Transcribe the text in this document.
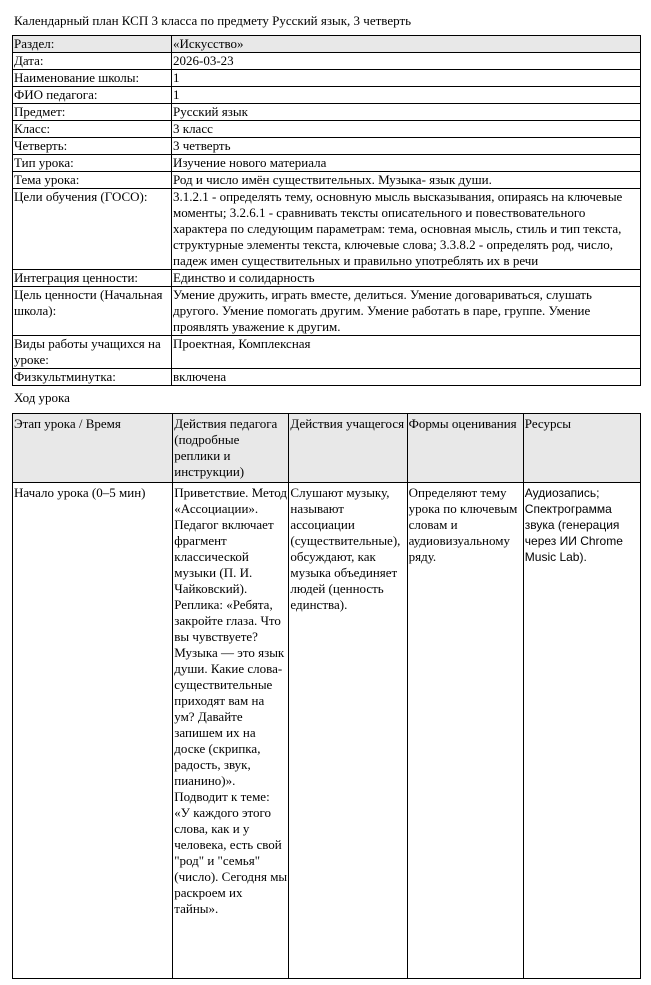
Календарный план КСП 3 класса по предмету Русский язык, 3 четверть
Раздел:	«Искусство»
Дата:	2026-03-23
Наименование школы:	1
ФИО педагога:	1
Предмет:	Русский язык
Класс:	3 класс
Четверть:	3 четверть
Тип урока:	Изучение нового материала
Тема урока:	Род и число имён существительных. Музыка- язык души.
Цели обучения (ГОСО):	3.1.2.1 - определять тему, основную мысль высказывания, опираясь на ключевые моменты; 3.2.6.1 - сравнивать тексты описательного и повествовательного характера по следующим параметрам: тема, основная мысль, стиль и тип текста, структурные элементы текста, ключевые слова; 3.3.8.2 - определять род, число, падеж имен существительных и правильно употреблять их в речи
Интеграция ценности:	Единство и солидарность
Цель ценности (Начальная школа):	Умение дружить, играть вместе, делиться. Умение договариваться, слушать другого. Умение помогать другим. Умение работать в паре, группе. Умение проявлять уважение к другим.
Виды работы учащихся на уроке:	Проектная, Комплексная
Физкультминутка:	включена
Ход урока
Этап урока / Время	Действия педагога (подробные реплики и инструкции)	Действия учащегося	Формы оценивания	Ресурсы
Начало урока (0–5 мин)	Приветствие. Метод «Ассоциации». Педагог включает фрагмент классической музыки (П. И. Чайковский). Реплика: «Ребята, закройте глаза. Что вы чувствуете? Музыка — это язык души. Какие слова-существительные приходят вам на ум? Давайте запишем их на доске (скрипка, радость, звук, пианино)». Подводит к теме: «У каждого этого слова, как и у человека, есть свой "род" и "семья" (число). Сегодня мы раскроем их тайны».	Слушают музыку, называют ассоциации (существительные), обсуждают, как музыка объединяет людей (ценность единства).	Определяют тему урока по ключевым словам и аудиовизуальному ряду.	Аудиозапись; Спектрограмма звука (генерация через ИИ Chrome Music Lab).
